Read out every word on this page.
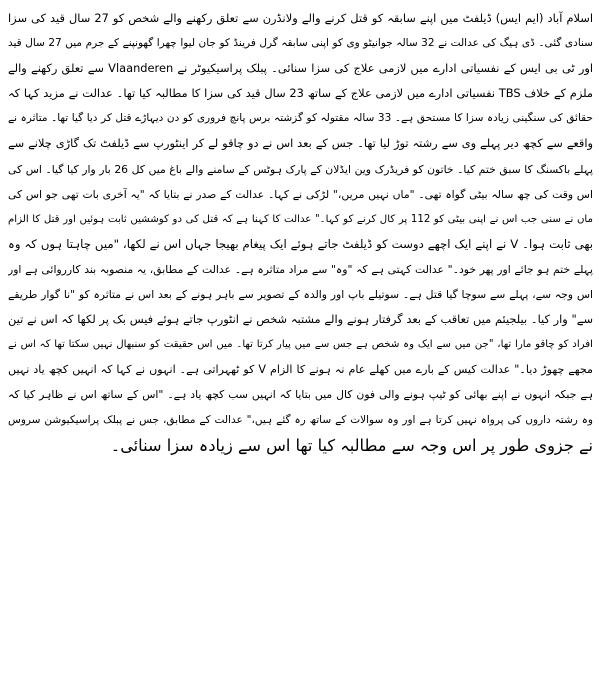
اسلام آباد (ایم ایس) ڈیلفٹ میں اپنے سابقہ کو قتل کرنے والے ولانڈرن سے تعلق رکھنے والے شخص کو 27 سال قید کی سزا
سنادی گئی۔ ڈی ہیگ کی عدالت نے 32 سالہ جوانیٹو وی کو اپنی سابقہ گرل فرینڈ کو جان لیوا چھرا گھونپنے کے جرم میں 27 سال قید
اور ٹی بی ایس کے نفسیاتی ادارے میں لازمی علاج کی سزا سنائی۔ پبلک پراسیکیوٹر نے Vlaanderen سے تعلق رکھنے والے
ملزم کے خلاف TBS نفسیاتی ادارے میں لازمی علاج کے ساتھ 23 سال قید کی سزا کا مطالبہ کیا تھا۔ عدالت نے مزید کہا کہ
حقائق کی سنگینی زیادہ سزا کا مستحق ہے۔ 33 سالہ مقتولہ کو گزشتہ برس پانچ فروری کو دن دیہاڑے قتل کر دیا گیا تھا۔ متاثرہ نے
واقعے سے کچھ دیر پہلے وی سے رشتہ توڑ لیا تھا۔ جس کے بعد اس نے دو چاقو لے کر اینٹورپ سے ڈیلفٹ تک گاڑی چلانے سے
پہلے باکسنگ کا سبق ختم کیا۔ خاتون کو فریڈرک وین ایڈلان کے پارک ہوٹس کے سامنے والے باغ میں کل 26 بار وار کیا گیا۔ اس کی
اس وقت کی چھ سالہ بیٹی گواہ تھی۔ "ماں نہیں مریں،" لڑکی نے کہا۔ عدالت کے صدر نے بتایا کہ "یہ آخری بات تھی جو اس کی
ماں نے سنی جب اس نے اپنی بیٹی کو 112 پر کال کرنے کو کہا۔" عدالت کا کہنا ہے کہ قتل کی دو کوششیں ثابت ہوئیں اور قتل کا الزام
بھی ثابت ہوا۔ V نے اپنے ایک اچھے دوست کو ڈیلفٹ جاتے ہوئے ایک پیغام بھیجا جہاں اس نے لکھا، "میں چاہتا ہوں کہ وہ
پہلے ختم ہو جائے اور پھر خود۔" عدالت کہتی ہے کہ "وہ" سے مراد متاثرہ ہے۔ عدالت کے مطابق، یہ منصوبہ بند کارروائی ہے اور
اس وجہ سے، پہلے سے سوچا گیا قتل ہے۔ سوتیلے باپ اور والدہ کے تصویر سے باہر ہونے کے بعد اس نے متاثرہ کو "نا گوار طریقے
سے" وار کیا۔ بیلجیئم میں تعاقب کے بعد گرفتار ہونے والے مشتبہ شخص نے انٹورپ جاتے ہوئے فیس بک پر لکھا کہ اس نے تین
افراد کو چاقو مارا تھا، "جن میں سے ایک وہ شخص ہے جس سے میں پیار کرتا تھا۔ میں اس حقیقت کو سنبھال نہیں سکتا تھا کہ اس نے
مجھے چھوڑ دیا۔" عدالت کیس کے بارے میں کھلے عام نہ ہونے کا الزام V کو ٹھہراتی ہے۔ انہوں نے کہا کہ انہیں کچھ یاد نہیں
ہے جبکہ انہوں نے اپنے بھائی کو ٹیپ ہونے والی فون کال میں بتایا کہ انہیں سب کچھ یاد ہے۔ "اس کے ساتھ اس نے ظاہر کیا کہ
وہ رشتہ داروں کی پرواہ نہیں کرتا ہے اور وہ سوالات کے ساتھ رہ گئے ہیں،" عدالت کے مطابق، جس نے پبلک پراسیکیوشن سروس
نے جزوی طور پر اس وجہ سے مطالبہ کیا تھا اس سے زیادہ سزا سنائی۔
